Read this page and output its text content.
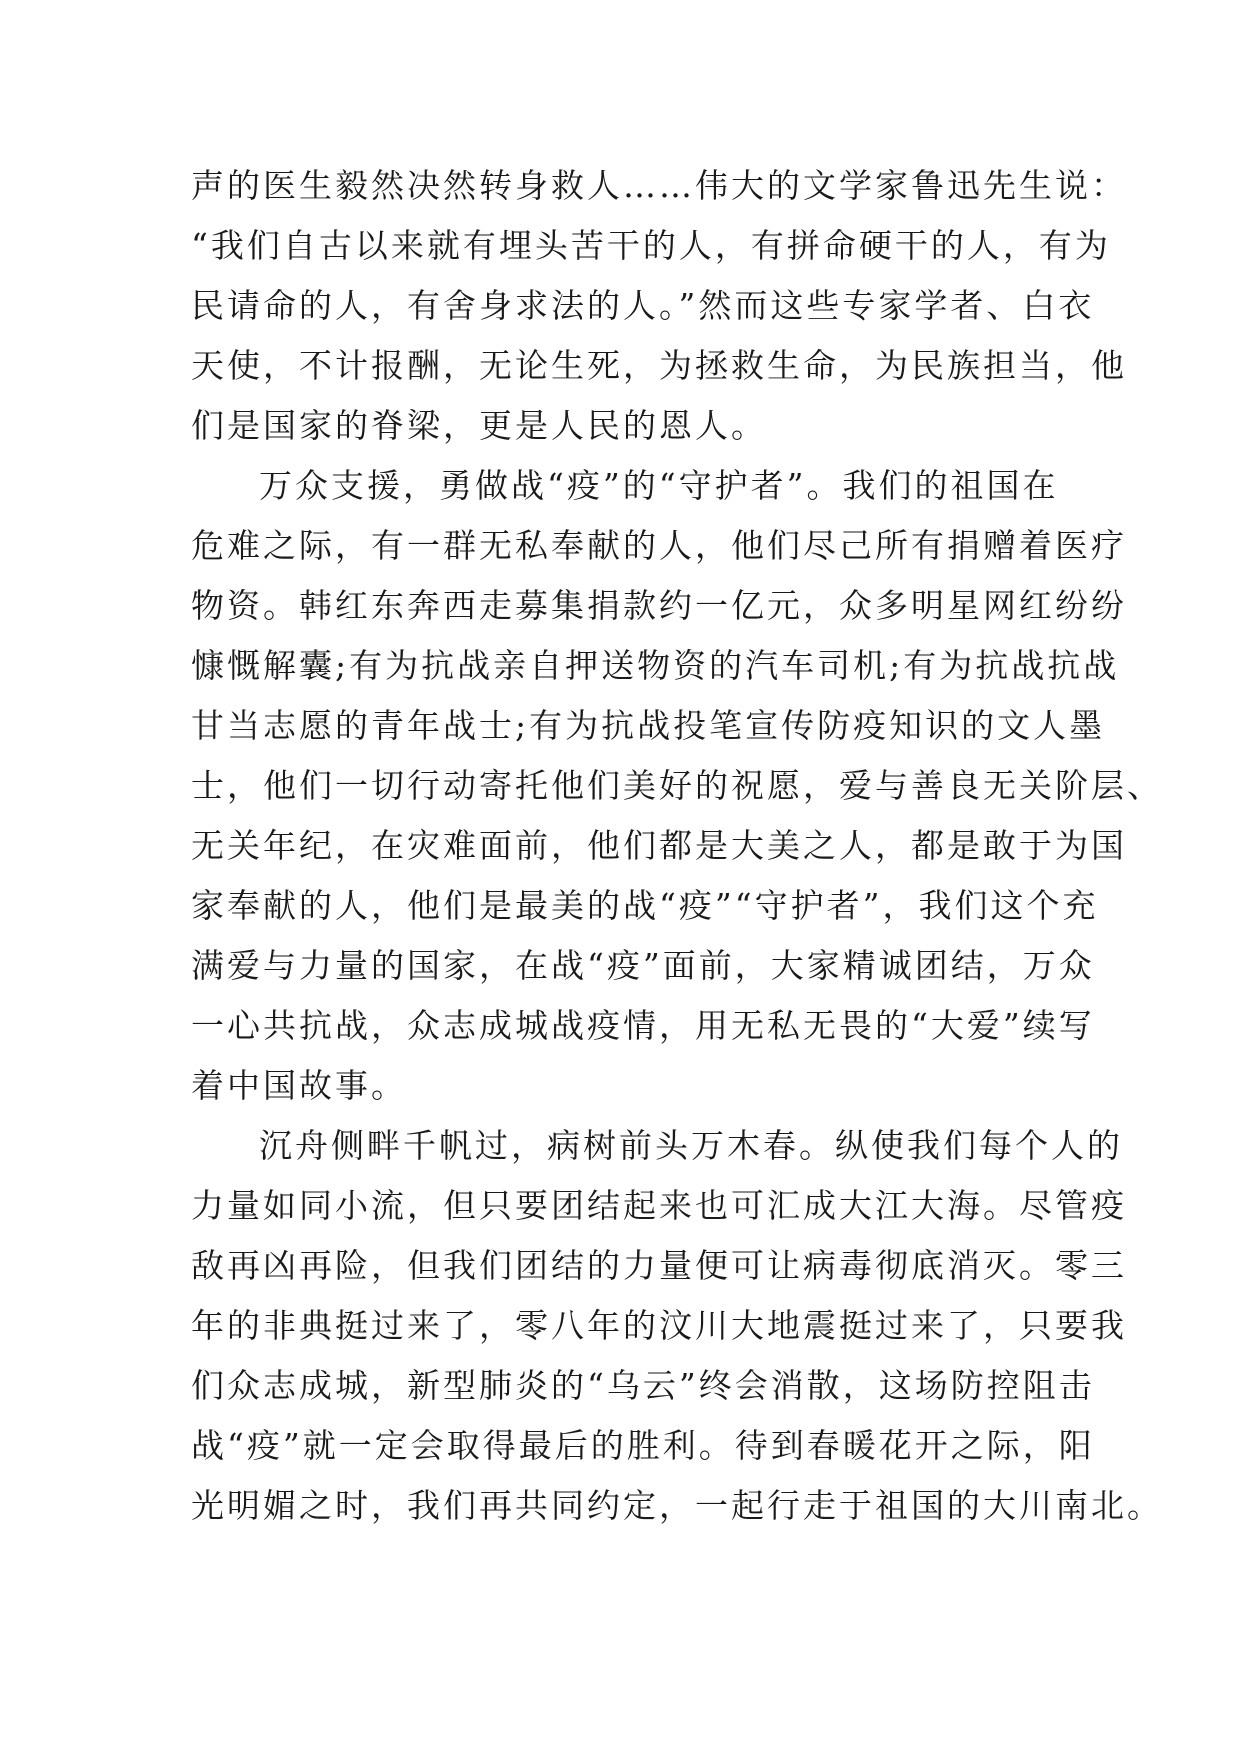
声的医生毅然决然转身救人……伟大的文学家鲁迅先生说：
“我们自古以来就有埋头苦干的人，有拼命硬干的人，有为
民请命的人，有舍身求法的人。”然而这些专家学者、白衣
天使，不计报酬，无论生死，为拯救生命，为民族担当，他
们是国家的脊梁，更是人民的恩人。
万众支援，勇做战“疫”的“守护者”。我们的祖国在
危难之际，有一群无私奉献的人，他们尽己所有捐赠着医疗
物资。韩红东奔西走募集捐款约一亿元，众多明星网红纷纷
慷慨解囊;有为抗战亲自押送物资的汽车司机;有为抗战抗战
甘当志愿的青年战士;有为抗战投笔宣传防疫知识的文人墨
士，他们一切行动寄托他们美好的祝愿，爱与善良无关阶层、
无关年纪，在灾难面前，他们都是大美之人，都是敢于为国
家奉献的人，他们是最美的战“疫”“守护者”，我们这个充
满爱与力量的国家，在战“疫”面前，大家精诚团结，万众
一心共抗战，众志成城战疫情，用无私无畏的“大爱”续写
着中国故事。
沉舟侧畔千帆过，病树前头万木春。纵使我们每个人的
力量如同小流，但只要团结起来也可汇成大江大海。尽管疫
敌再凶再险，但我们团结的力量便可让病毒彻底消灭。零三
年的非典挺过来了，零八年的汶川大地震挺过来了，只要我
们众志成城，新型肺炎的“乌云”终会消散，这场防控阻击
战“疫”就一定会取得最后的胜利。待到春暖花开之际，阳
光明媚之时，我们再共同约定，一起行走于祖国的大川南北。
